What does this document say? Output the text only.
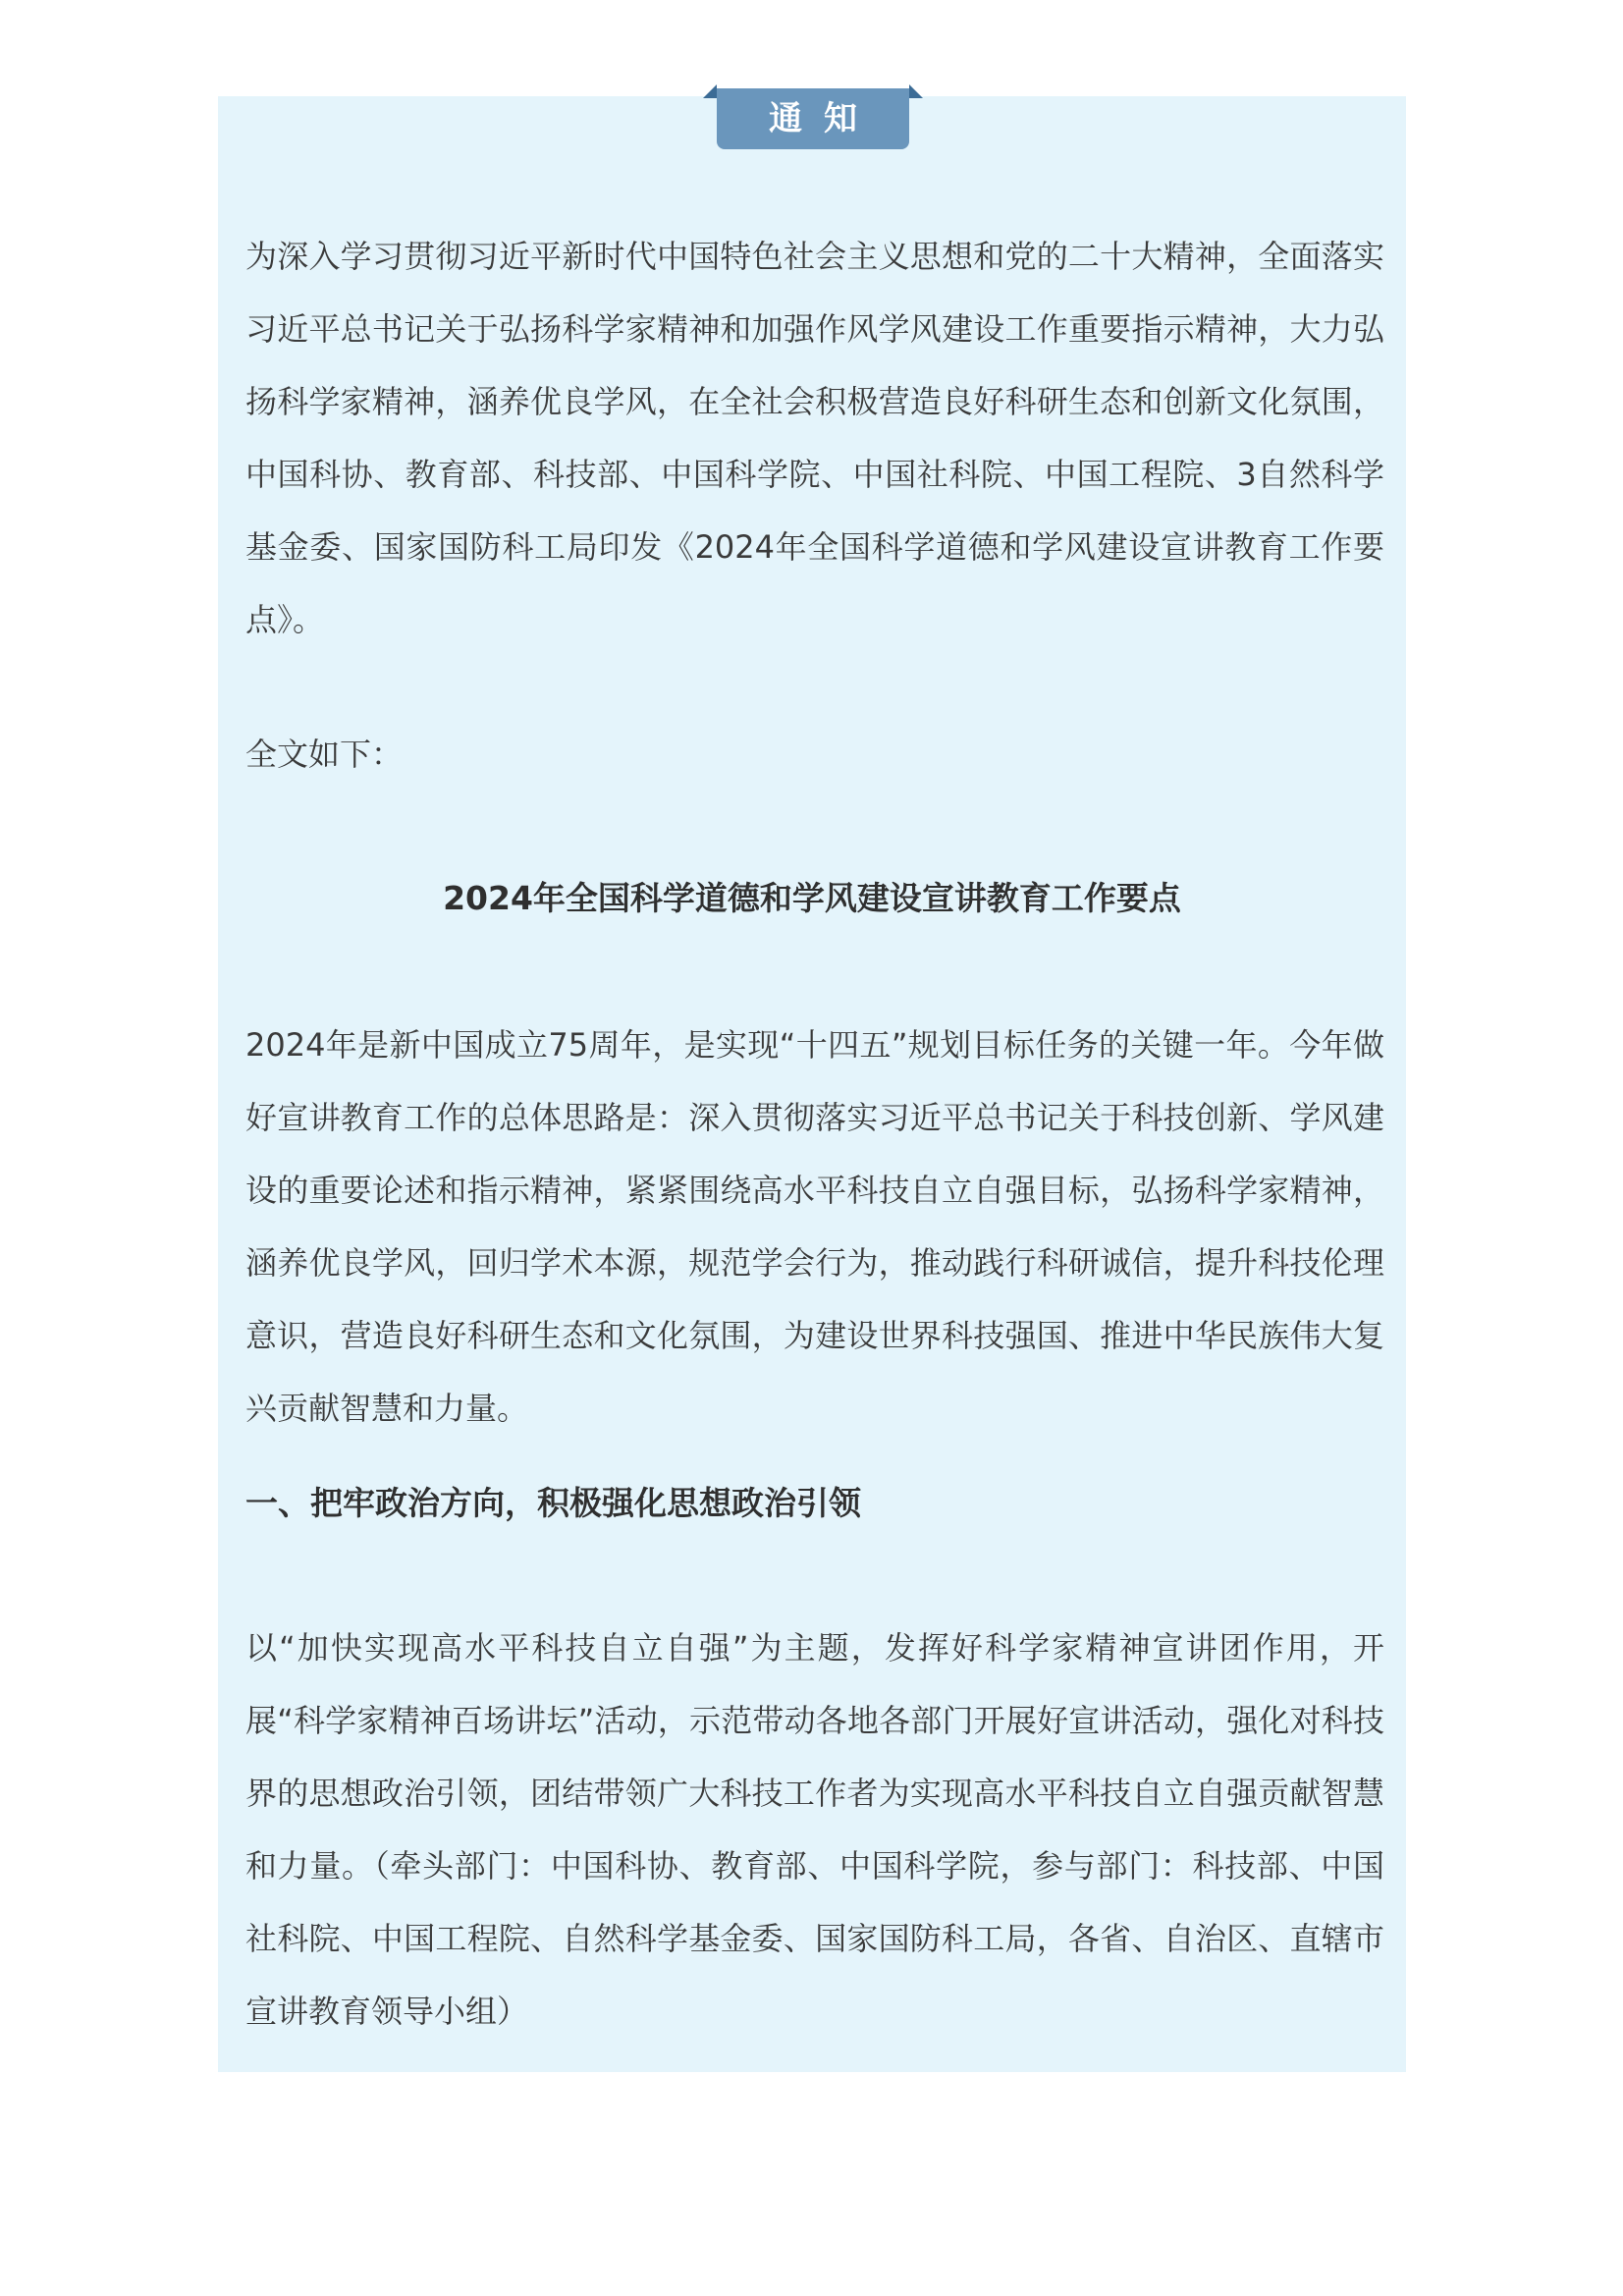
通知

为深入学习贯彻习近平新时代中国特色社会主义思想和党的二十大精神，全面落实习近平总书记关于弘扬科学家精神和加强作风学风建设工作重要指示精神，大力弘扬科学家精神，涵养优良学风，在全社会积极营造良好科研生态和创新文化氛围，中国科协、教育部、科技部、中国科学院、中国社科院、中国工程院、3自然科学基金委、国家国防科工局印发《2024年全国科学道德和学风建设宣讲教育工作要点》。

全文如下：

2024年全国科学道德和学风建设宣讲教育工作要点

2024年是新中国成立75周年，是实现“十四五”规划目标任务的关键一年。今年做好宣讲教育工作的总体思路是：深入贯彻落实习近平总书记关于科技创新、学风建设的重要论述和指示精神，紧紧围绕高水平科技自立自强目标，弘扬科学家精神，涵养优良学风，回归学术本源，规范学会行为，推动践行科研诚信，提升科技伦理意识，营造良好科研生态和文化氛围，为建设世界科技强国、推进中华民族伟大复兴贡献智慧和力量。

一、把牢政治方向，积极强化思想政治引领

以“加快实现高水平科技自立自强”为主题，发挥好科学家精神宣讲团作用，开展“科学家精神百场讲坛”活动，示范带动各地各部门开展好宣讲活动，强化对科技界的思想政治引领，团结带领广大科技工作者为实现高水平科技自立自强贡献智慧和力量。（牵头部门：中国科协、教育部、中国科学院，参与部门：科技部、中国社科院、中国工程院、自然科学基金委、国家国防科工局，各省、自治区、直辖市宣讲教育领导小组）
